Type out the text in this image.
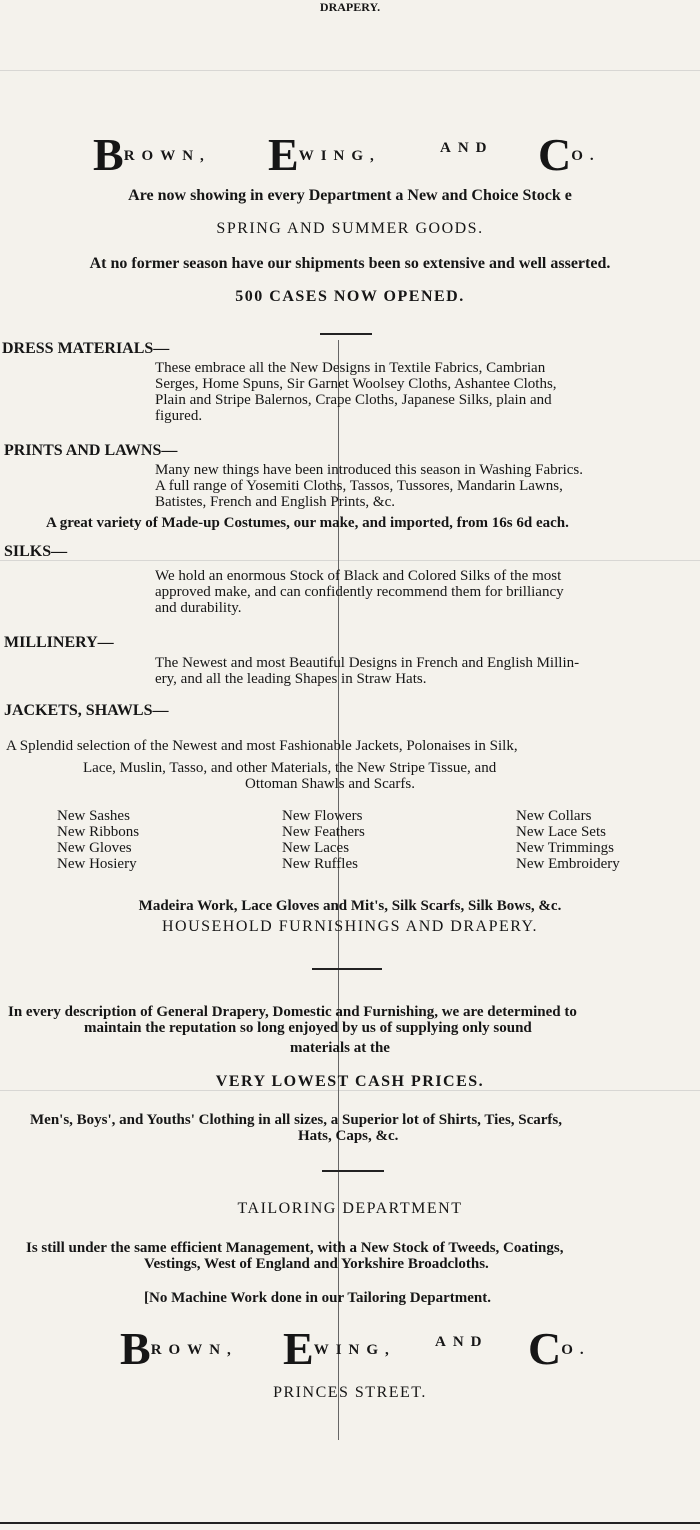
DRAPERY.
BROWN, EWING,	AND CO.
Are now showing in every Department a New and Choice Stock e
SPRING AND SUMMER GOODS.
At no former season have our shipments been so extensive and well asserted.
500 CASES NOW OPENED.
DRESS MATERIALS—
These embrace all the New Designs in Textile Fabrics, Cambrian
Serges, Home Spuns, Sir Garnet Woolsey Cloths, Ashantee Cloths,
Plain and Stripe Balernos, Crape Cloths, Japanese Silks, plain and
figured.
PRINTS AND LAWNS—
Many new things have been introduced this season in Washing Fabrics.
A full range of Yosemiti Cloths, Tassos, Tussores, Mandarin Lawns,
Batistes, French and English Prints, &c.
A great variety of Made-up Costumes, our make, and imported, from 16s 6d each.
SILKS—
We hold an enormous Stock of Black and Colored Silks of the most
approved make, and can confidently recommend them for brilliancy
and durability.
MILLINERY—
The Newest and most Beautiful Designs in French and English Millin-
ery, and all the leading Shapes in Straw Hats.
JACKETS, SHAWLS—
A Splendid selection of the Newest and most Fashionable Jackets, Polonaises in Silk,
Lace, Muslin, Tasso, and other Materials, the New Stripe Tissue, and
Ottoman Shawls and Scarfs.
New Sashes
New Ribbons
New Gloves
New Hosiery
New Flowers
New Feathers
New Laces
New Ruffles
New Collars
New Lace Sets
New Trimmings
New Embroidery
Madeira Work, Lace Gloves and Mit's, Silk Scarfs, Silk Bows, &c.
HOUSEHOLD FURNISHINGS AND DRAPERY.
In every description of General Drapery, Domestic and Furnishing, we are determined to
maintain the reputation so long enjoyed by us of supplying only sound
materials at the
VERY LOWEST CASH PRICES.
Men's, Boys', and Youths' Clothing in all sizes, a Superior lot of Shirts, Ties, Scarfs,
Hats, Caps, &c.
TAILORING DEPARTMENT
Is still under the same efficient Management, with a New Stock of Tweeds, Coatings,
Vestings, West of England and Yorkshire Broadcloths.
[No Machine Work done in our Tailoring Department.
BROWN, EWING,	AND CO.
PRINCES STREET.
